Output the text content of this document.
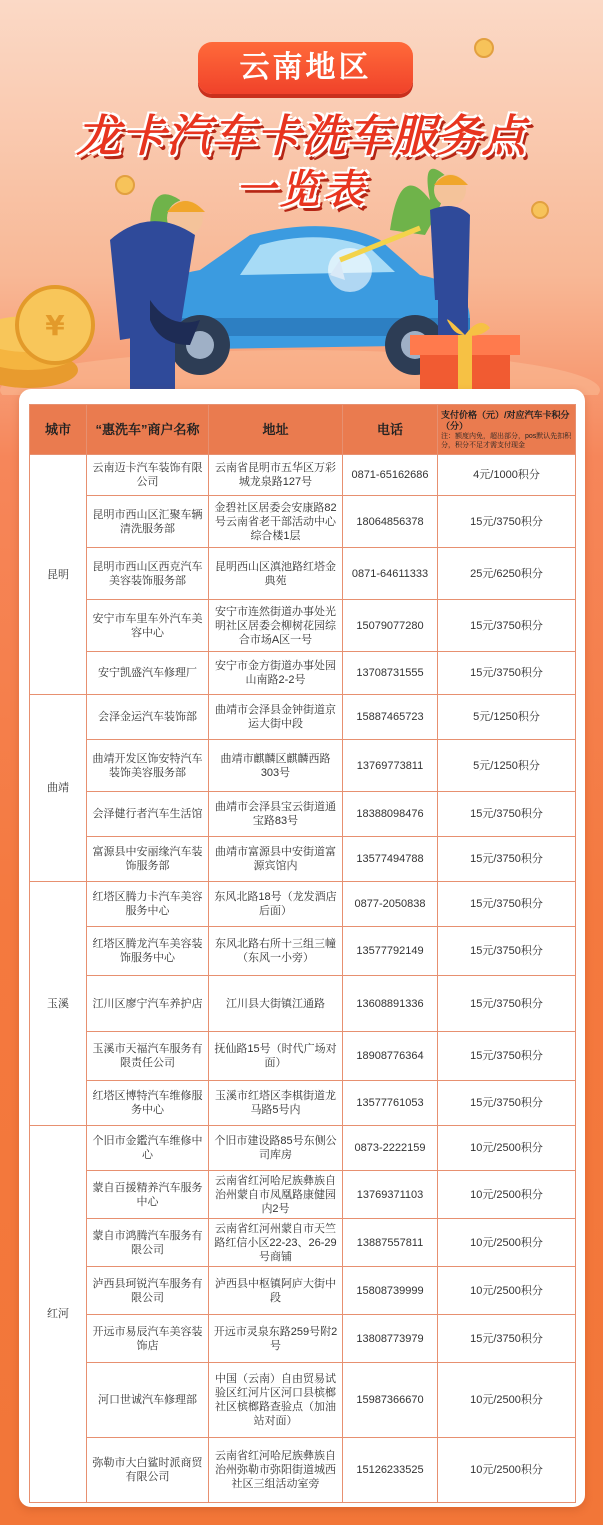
¥
云南地区
龙卡汽车卡洗车服务点
一览表
城市	“惠洗车”商户名称	地址	电话	支付价格（元）/对应汽车卡积分（分）
注：额度内免，超出部分，pos默认先扣积分，积分不足才需支付现金

昆明	云南迈卡汽车装饰有限公司	云南省昆明市五华区万彩城龙泉路127号	0871-65162686	4元/1000积分
	昆明市西山区汇聚车辆清洗服务部	金碧社区居委会安康路82号云南省老干部活动中心综合楼1层	18064856378	15元/3750积分
	昆明市西山区西克汽车美容装饰服务部	昆明西山区滇池路红塔金典苑	0871-64611333	25元/6250积分
	安宁市车里车外汽车美容中心	安宁市连然街道办事处光明社区居委会柳树花园综合市场A区一号	15079077280	15元/3750积分
	安宁凯盛汽车修理厂	安宁市金方街道办事处园山南路2-2号	13708731555	15元/3750积分
曲靖	会泽金运汽车装饰部	曲靖市会泽县金钟街道京运大街中段	15887465723	5元/1250积分
	曲靖开发区饰安特汽车装饰美容服务部	曲靖市麒麟区麒麟西路303号	13769773811	5元/1250积分
	会泽健行者汽车生活馆	曲靖市会泽县宝云街道通宝路83号	18388098476	15元/3750积分
	富源县中安丽缘汽车装饰服务部	曲靖市富源县中安街道富源宾馆内	13577494788	15元/3750积分
玉溪	红塔区腾力卡汽车美容服务中心	东风北路18号（龙发酒店后面）	0877-2050838	15元/3750积分
	红塔区腾龙汽车美容装饰服务中心	东风北路右所十三组三幢（东风一小旁）	13577792149	15元/3750积分
	江川区廖宁汽车养护店	江川县大街镇江通路	13608891336	15元/3750积分
	玉溪市天福汽车服务有限责任公司	抚仙路15号（时代广场对面）	18908776364	15元/3750积分
	红塔区博特汽车维修服务中心	玉溪市红塔区李棋街道龙马路5号内	13577761053	15元/3750积分
红河	个旧市金鑑汽车维修中心	个旧市建设路85号东侧公司库房	0873-2222159	10元/2500积分
	蒙自百援精养汽车服务中心	云南省红河哈尼族彝族自治州蒙自市凤凰路康健园内2号	13769371103	10元/2500积分
	蒙自市鸿腾汽车服务有限公司	云南省红河州蒙自市天竺路红信小区22-23、26-29号商铺	13887557811	10元/2500积分
	泸西县珂锐汽车服务有限公司	泸西县中枢镇阿庐大街中段	15808739999	10元/2500积分
	开远市易辰汽车美容装饰店	开远市灵泉东路259号附2号	13808773979	15元/3750积分
	河口世诚汽车修理部	中国（云南）自由贸易试验区红河片区河口县槟榔社区槟榔路查验点（加油站对面）	15987366670	10元/2500积分
	弥勒市大白鲨时派商贸有限公司	云南省红河哈尼族彝族自治州弥勒市弥阳街道城西社区三组活动室旁	15126233525	10元/2500积分
